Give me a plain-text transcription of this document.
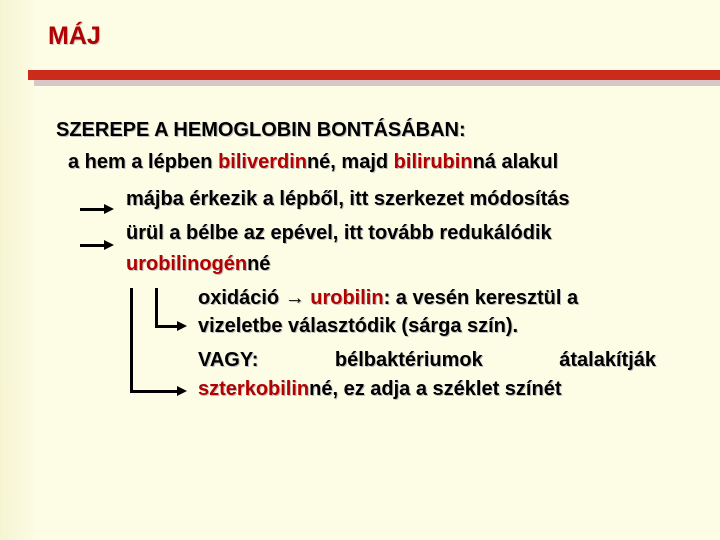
MÁJ
SZEREPE A HEMOGLOBIN BONTÁSÁBAN:
a hem a lépben biliverdinné, majd bilirubinná alakul
májba érkezik a lépből, itt szerkezet módosítás
ürül a bélbe az epével, itt tovább redukálódik
urobilinogénné
oxidáció → urobilin: a vesén keresztül a
vizeletbe választódik (sárga szín).
VAGY:	bélbaktériumok	átalakítják
szterkobilinné, ez adja a széklet színét
